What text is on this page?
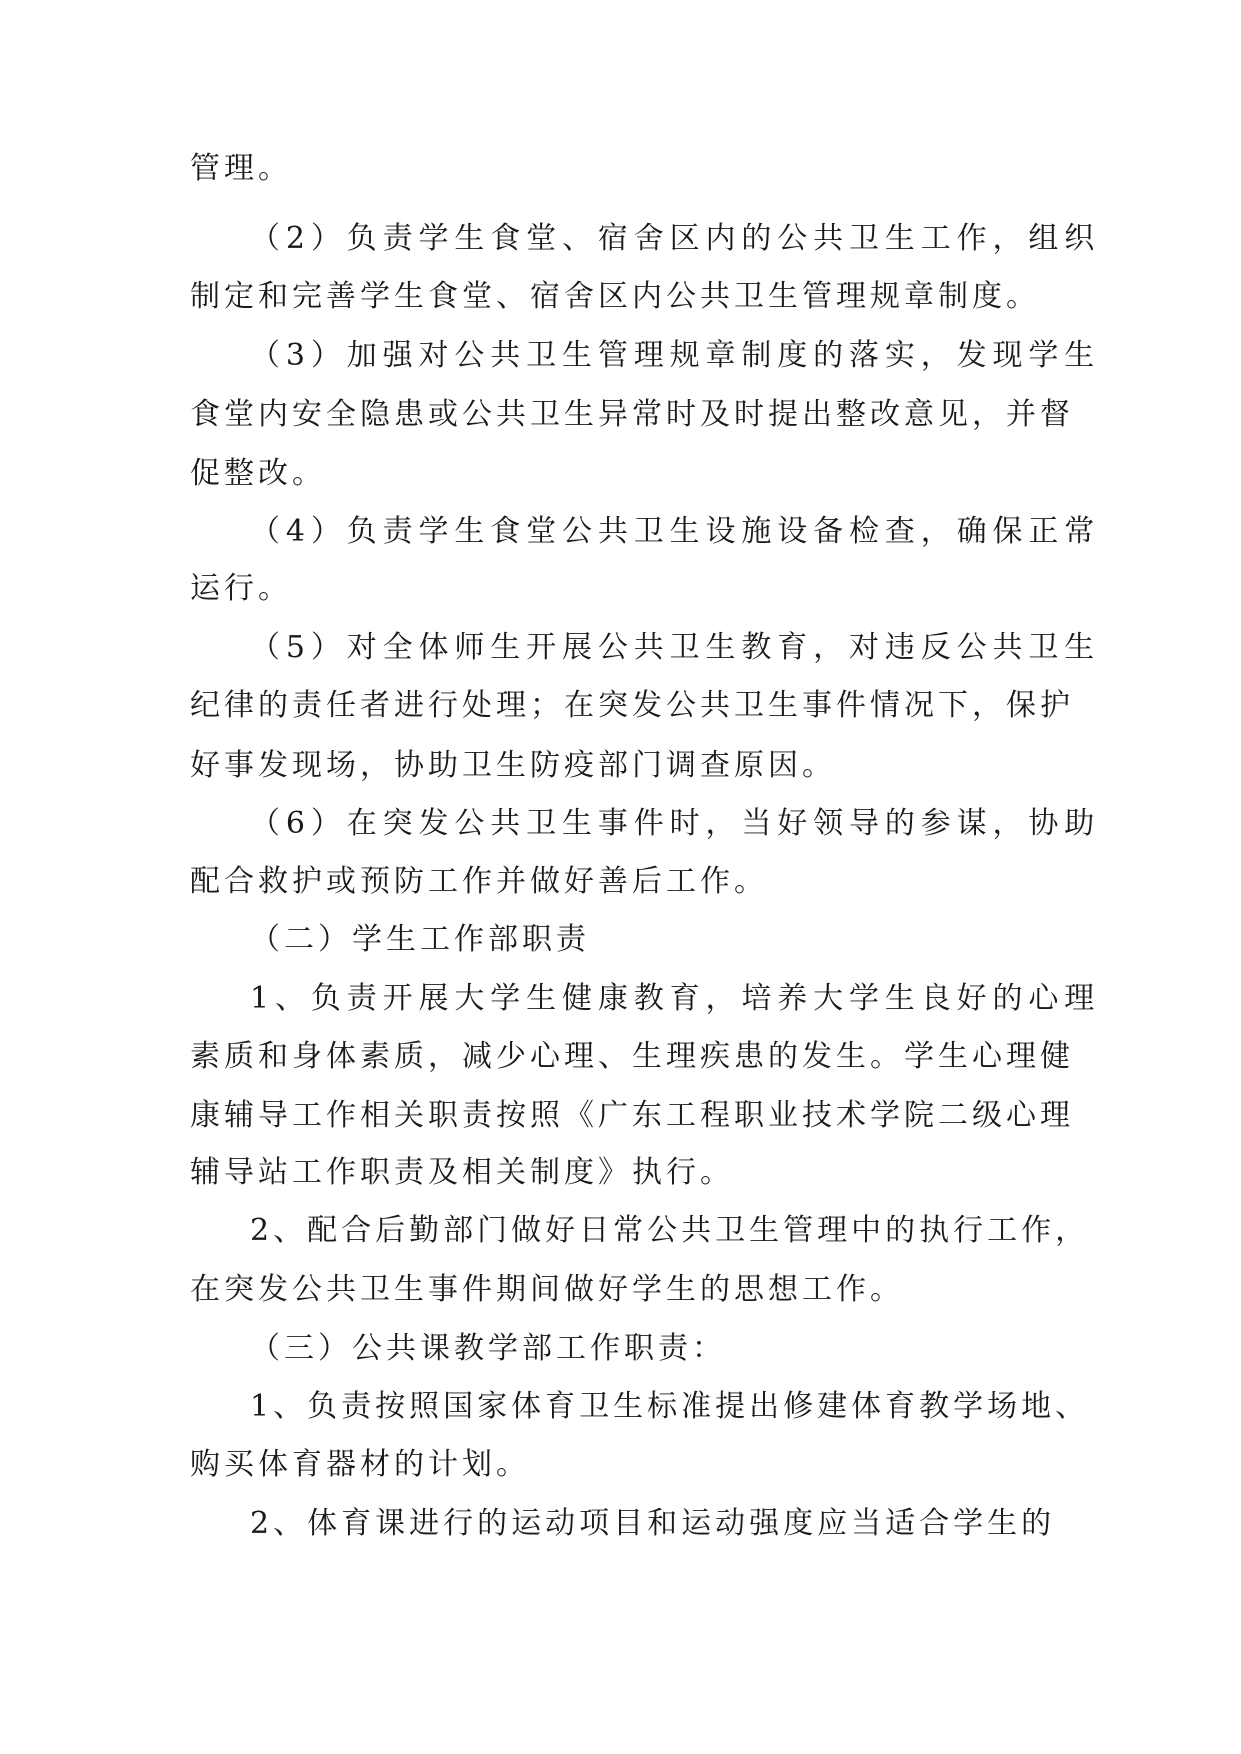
管理。
（2）负责学生食堂、宿舍区内的公共卫生工作，组织
制定和完善学生食堂、宿舍区内公共卫生管理规章制度。
（3）加强对公共卫生管理规章制度的落实，发现学生
食堂内安全隐患或公共卫生异常时及时提出整改意见，并督
促整改。
（4）负责学生食堂公共卫生设施设备检查，确保正常
运行。
（5）对全体师生开展公共卫生教育，对违反公共卫生
纪律的责任者进行处理；在突发公共卫生事件情况下，保护
好事发现场，协助卫生防疫部门调查原因。
（6）在突发公共卫生事件时，当好领导的参谋，协助
配合救护或预防工作并做好善后工作。
（二）学生工作部职责
1、负责开展大学生健康教育，培养大学生良好的心理
素质和身体素质，减少心理、生理疾患的发生。学生心理健
康辅导工作相关职责按照《广东工程职业技术学院二级心理
辅导站工作职责及相关制度》执行。
2、配合后勤部门做好日常公共卫生管理中的执行工作，
在突发公共卫生事件期间做好学生的思想工作。
（三）公共课教学部工作职责：
1、负责按照国家体育卫生标准提出修建体育教学场地、
购买体育器材的计划。
2、体育课进行的运动项目和运动强度应当适合学生的
